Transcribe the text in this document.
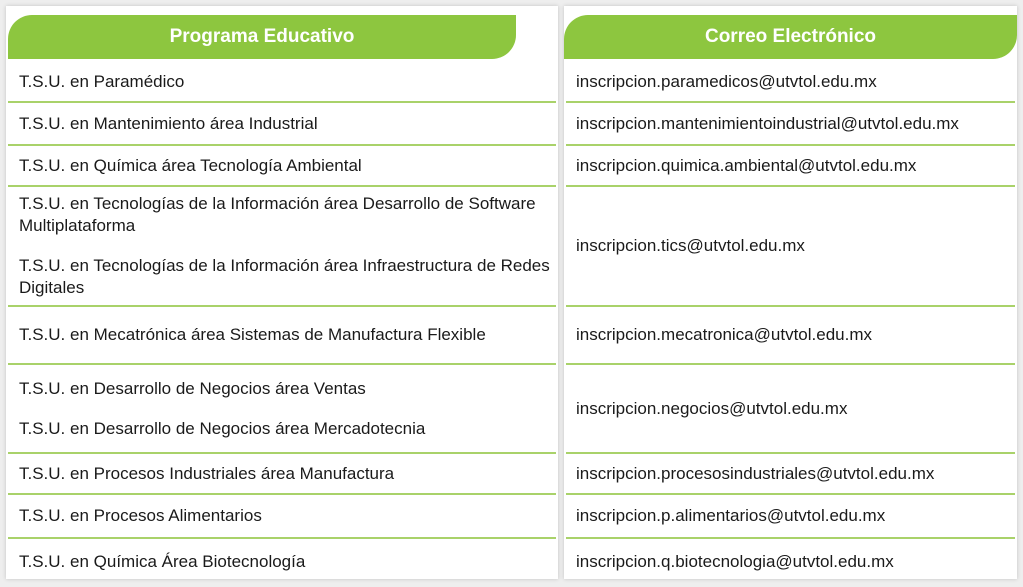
Programa Educativo
T.S.U. en Paramédico
T.S.U. en Mantenimiento área Industrial
T.S.U. en Química área Tecnología Ambiental
T.S.U. en Tecnologías de la Información área Desarrollo de Software Multiplataforma
T.S.U. en Tecnologías de la Información área Infraestructura de Redes Digitales
T.S.U. en Mecatrónica área Sistemas de Manufactura Flexible
T.S.U. en Desarrollo de Negocios área Ventas
T.S.U. en Desarrollo de Negocios área Mercadotecnia
T.S.U. en Procesos Industriales área Manufactura
T.S.U. en Procesos Alimentarios
T.S.U. en Química Área Biotecnología
Correo Electrónico
inscripcion.paramedicos@utvtol.edu.mx
inscripcion.mantenimientoindustrial@utvtol.edu.mx
inscripcion.quimica.ambiental@utvtol.edu.mx
inscripcion.tics@utvtol.edu.mx
inscripcion.mecatronica@utvtol.edu.mx
inscripcion.negocios@utvtol.edu.mx
inscripcion.procesosindustriales@utvtol.edu.mx
inscripcion.p.alimentarios@utvtol.edu.mx
inscripcion.q.biotecnologia@utvtol.edu.mx
